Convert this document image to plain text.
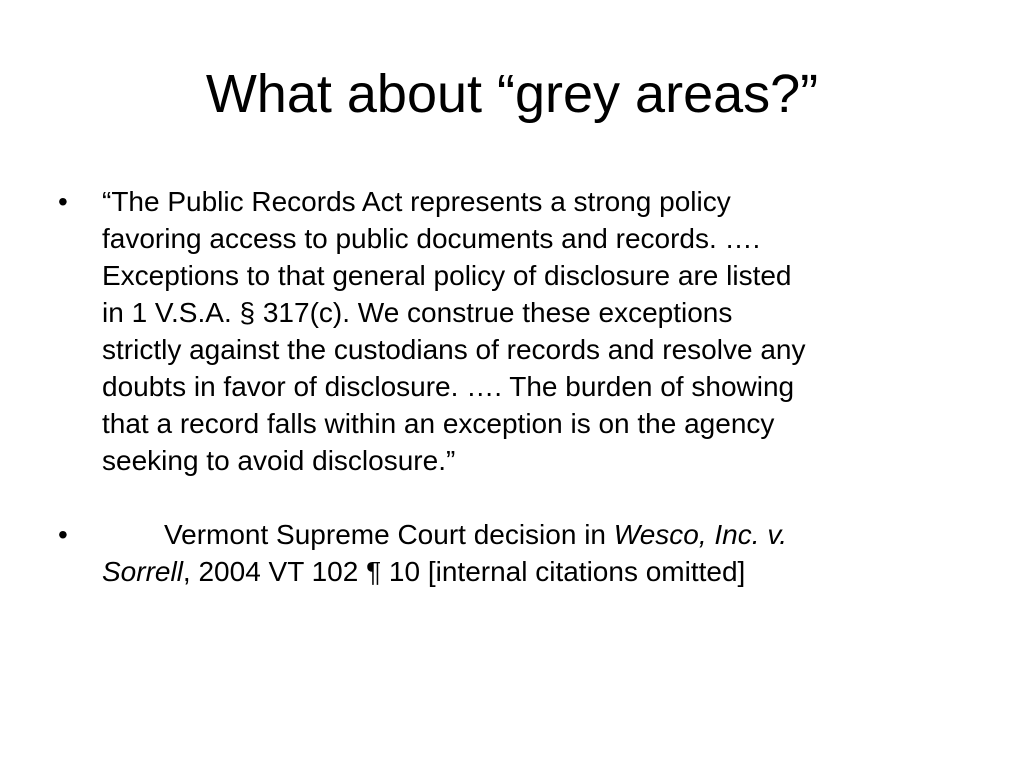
What about “grey areas?”
•	“The Public Records Act represents a strong policy
favoring access to public documents and records. ….
Exceptions to that general policy of disclosure are listed
in 1 V.S.A. § 317(c). We construe these exceptions
strictly against the custodians of records and resolve any
doubts in favor of disclosure. …. The burden of showing
that a record falls within an exception is on the agency
seeking to avoid disclosure.”
•	Vermont Supreme Court decision in Wesco, Inc. v.
Sorrell, 2004 VT 102 ¶ 10 [internal citations omitted]
